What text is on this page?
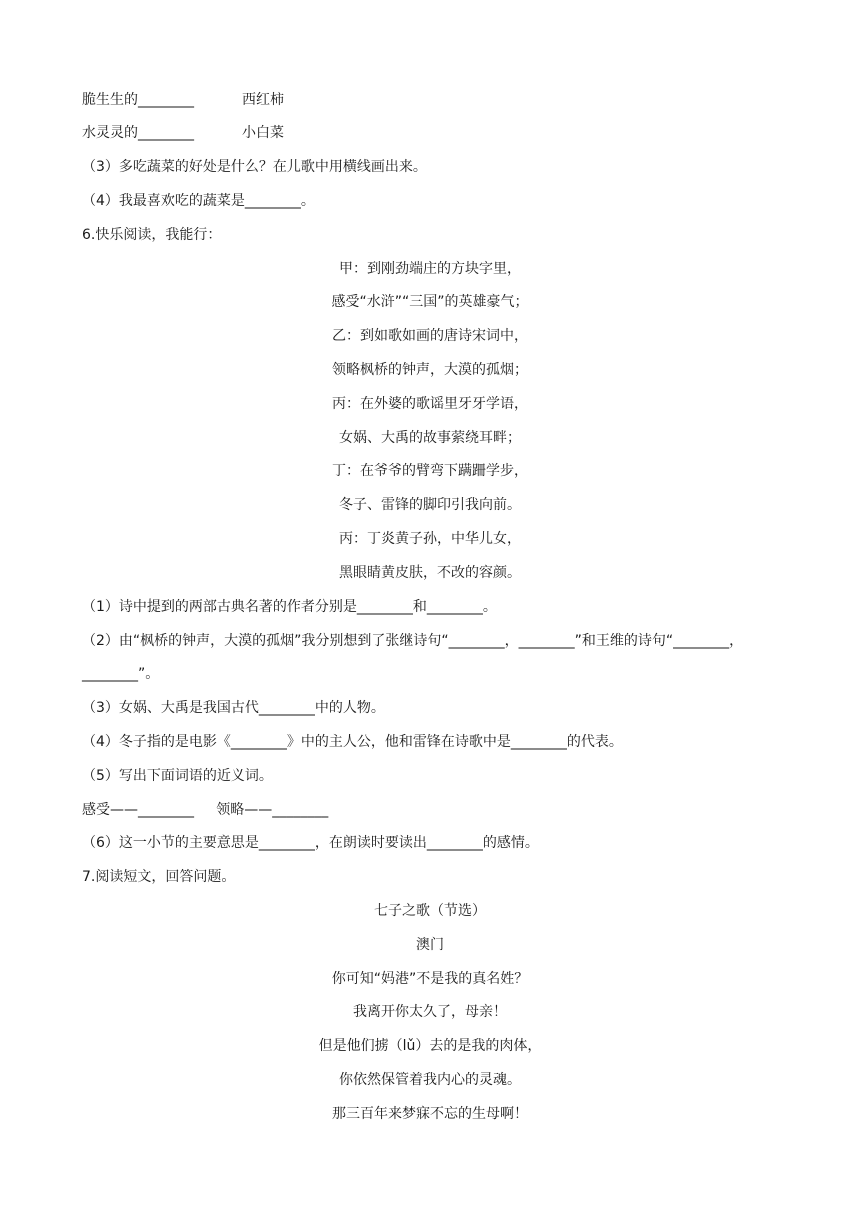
脆生生的________	西红柿
水灵灵的________	小白菜
（3）多吃蔬菜的好处是什么？在儿歌中用横线画出来。
（4）我最喜欢吃的蔬菜是________。
6.快乐阅读，我能行：
甲：到刚劲端庄的方块字里，
感受“水浒”“三国”的英雄豪气；
乙：到如歌如画的唐诗宋词中，
领略枫桥的钟声，大漠的孤烟；
丙：在外婆的歌谣里牙牙学语，
女娲、大禹的故事萦绕耳畔；
丁：在爷爷的臂弯下蹒跚学步，
冬子、雷锋的脚印引我向前。
丙：丁炎黄子孙，中华儿女，
黑眼睛黄皮肤，不改的容颜。
（1）诗中提到的两部古典名著的作者分别是________和________。
（2）由“枫桥的钟声，大漠的孤烟”我分别想到了张继诗句“________，________”和王维的诗句“________，
________”。
（3）女娲、大禹是我国古代________中的人物。
（4）冬子指的是电影《________》中的主人公，他和雷锋在诗歌中是________的代表。
（5）写出下面词语的近义词。
感受——________     领略——________
（6）这一小节的主要意思是________，在朗读时要读出________的感情。
7.阅读短文，回答问题。
七子之歌（节选）
澳门
你可知“妈港”不是我的真名姓？
我离开你太久了，母亲！
但是他们掳（lǔ）去的是我的肉体，
你依然保管着我内心的灵魂。
那三百年来梦寐不忘的生母啊！
